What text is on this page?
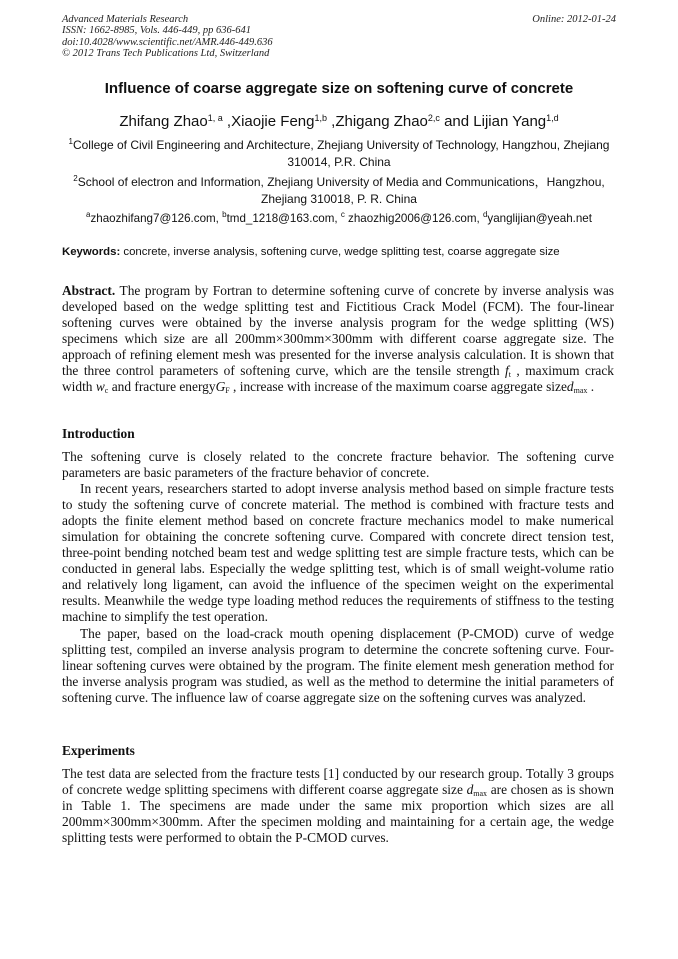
Advanced Materials Research
ISSN: 1662-8985, Vols. 446-449, pp 636-641
doi:10.4028/www.scientific.net/AMR.446-449.636
© 2012 Trans Tech Publications Ltd, Switzerland
Online: 2012-01-24
Influence of coarse aggregate size on softening curve of concrete
Zhifang Zhao$^{1, a}$ ,Xiaojie Feng$^{1,b}$ ,Zhigang Zhao$^{2,c}$ and Lijian Yang$^{1,d}$
$^1$College of Civil Engineering and Architecture, Zhejiang University of Technology, Hangzhou, Zhejiang 310014, P.R. China
$^2$School of electron and Information, Zhejiang University of Media and Communications，Hangzhou, Zhejiang 310018, P. R. China
$^a$zhaozhifang7@126.com, $^b$tmd_1218@163.com, $^c$ zhaozhig2006@126.com, $^d$yanglijian@yeah.net
Keywords: concrete, inverse analysis, softening curve, wedge splitting test, coarse aggregate size

Abstract. The program by Fortran to determine softening curve of concrete by inverse analysis was developed based on the wedge splitting test and Fictitious Crack Model (FCM). The four-linear softening curves were obtained by the inverse analysis program for the wedge splitting (WS) specimens which size are all 200mm×300mm×300mm with different coarse aggregate size. The approach of refining element mesh was presented for the inverse analysis calculation. It is shown that the three control parameters of softening curve, which are the tensile strength $f_t$ , maximum crack width $w_c$ and fracture energyG$_F$ , increase with increase of the maximum coarse aggregate sized$_{max}$ .

Introduction

The softening curve is closely related to the concrete fracture behavior. The softening curve parameters are basic parameters of the fracture behavior of concrete.

In recent years, researchers started to adopt inverse analysis method based on simple fracture tests to study the softening curve of concrete material. The method is combined with fracture tests and adopts the finite element method based on concrete fracture mechanics model to make numerical simulation for obtaining the concrete softening curve. Compared with concrete direct tension test, three-point bending notched beam test and wedge splitting test are simple fracture tests, which can be conducted in general labs. Especially the wedge splitting test, which is of small weight-volume ratio and relatively long ligament, can avoid the influence of the specimen weight on the experimental results. Meanwhile the wedge type loading method reduces the requirements of stiffness to the testing machine to simplify the test operation.

The paper, based on the load-crack mouth opening displacement (P-CMOD) curve of wedge splitting test, compiled an inverse analysis program to determine the concrete softening curve. Four-linear softening curves were obtained by the program. The finite element mesh generation method for the inverse analysis program was studied, as well as the method to determine the initial parameters of softening curve. The influence law of coarse aggregate size on the softening curves was analyzed.

Experiments

The test data are selected from the fracture tests [1] conducted by our research group. Totally 3 groups of concrete wedge splitting specimens with different coarse aggregate size $d_{max}$ are chosen as is shown in Table 1. The specimens are made under the same mix proportion which sizes are all 200mm×300mm×300mm. After the specimen molding and maintaining for a certain age, the wedge splitting tests were performed to obtain the P-CMOD curves.
